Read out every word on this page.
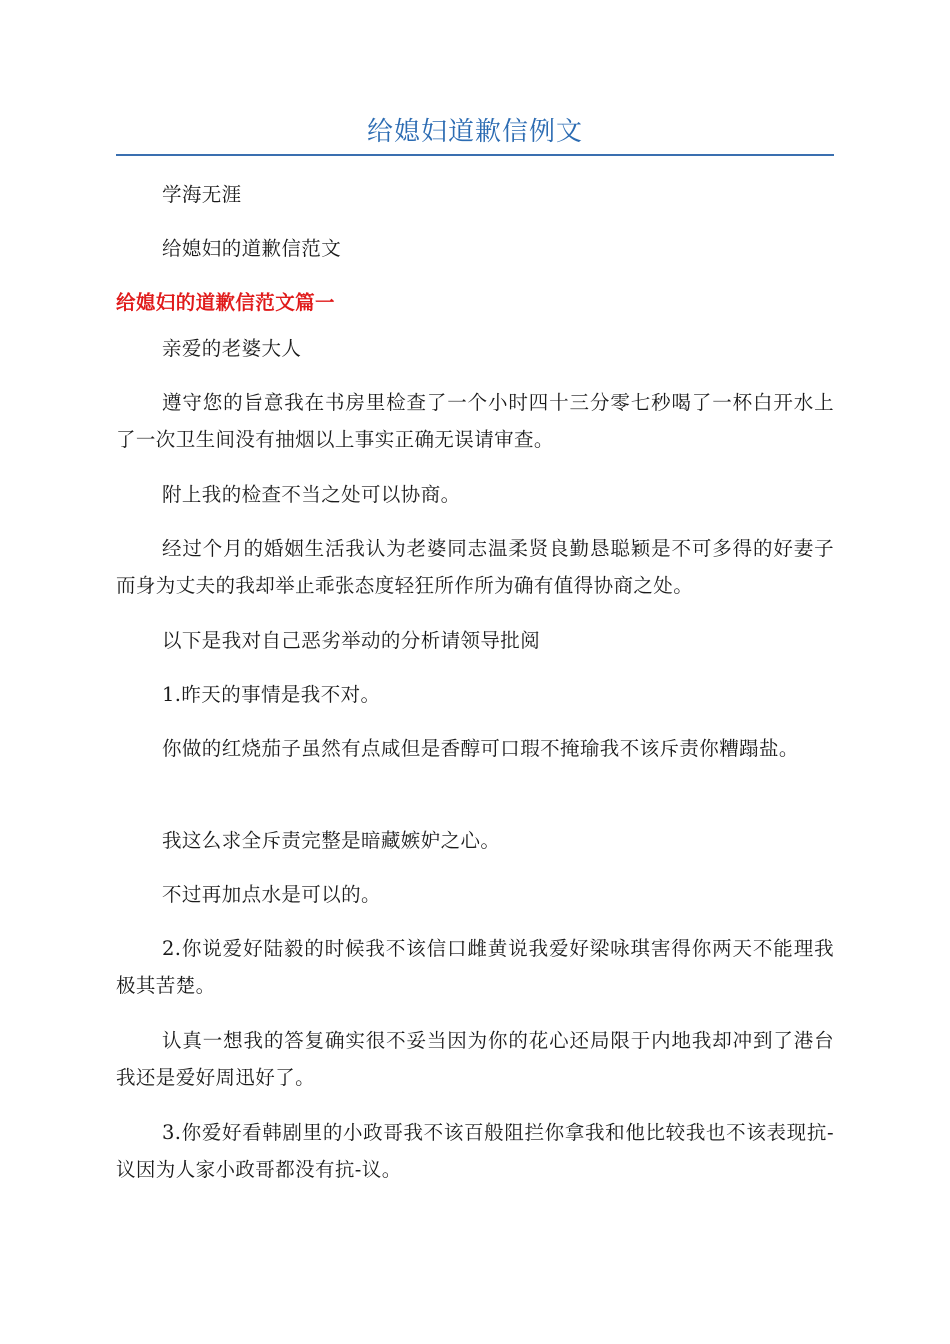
给媳妇道歉信例文

学海无涯

给媳妇的道歉信范文

给媳妇的道歉信范文篇一

亲爱的老婆大人

遵守您的旨意我在书房里检查了一个小时四十三分零七秒喝了一杯白开水上了一次卫生间没有抽烟以上事实正确无误请审查。

附上我的检查不当之处可以协商。

经过个月的婚姻生活我认为老婆同志温柔贤良勤恳聪颖是不可多得的好妻子而身为丈夫的我却举止乖张态度轻狂所作所为确有值得协商之处。

以下是我对自己恶劣举动的分析请领导批阅

1.昨天的事情是我不对。

你做的红烧茄子虽然有点咸但是香醇可口瑕不掩瑜我不该斥责你糟蹋盐。

我这么求全斥责完整是暗藏嫉妒之心。

不过再加点水是可以的。

2.你说爱好陆毅的时候我不该信口雌黄说我爱好梁咏琪害得你两天不能理我极其苦楚。

认真一想我的答复确实很不妥当因为你的花心还局限于内地我却冲到了港台我还是爱好周迅好了。

3.你爱好看韩剧里的小政哥我不该百般阻拦你拿我和他比较我也不该表现抗-议因为人家小政哥都没有抗-议。
